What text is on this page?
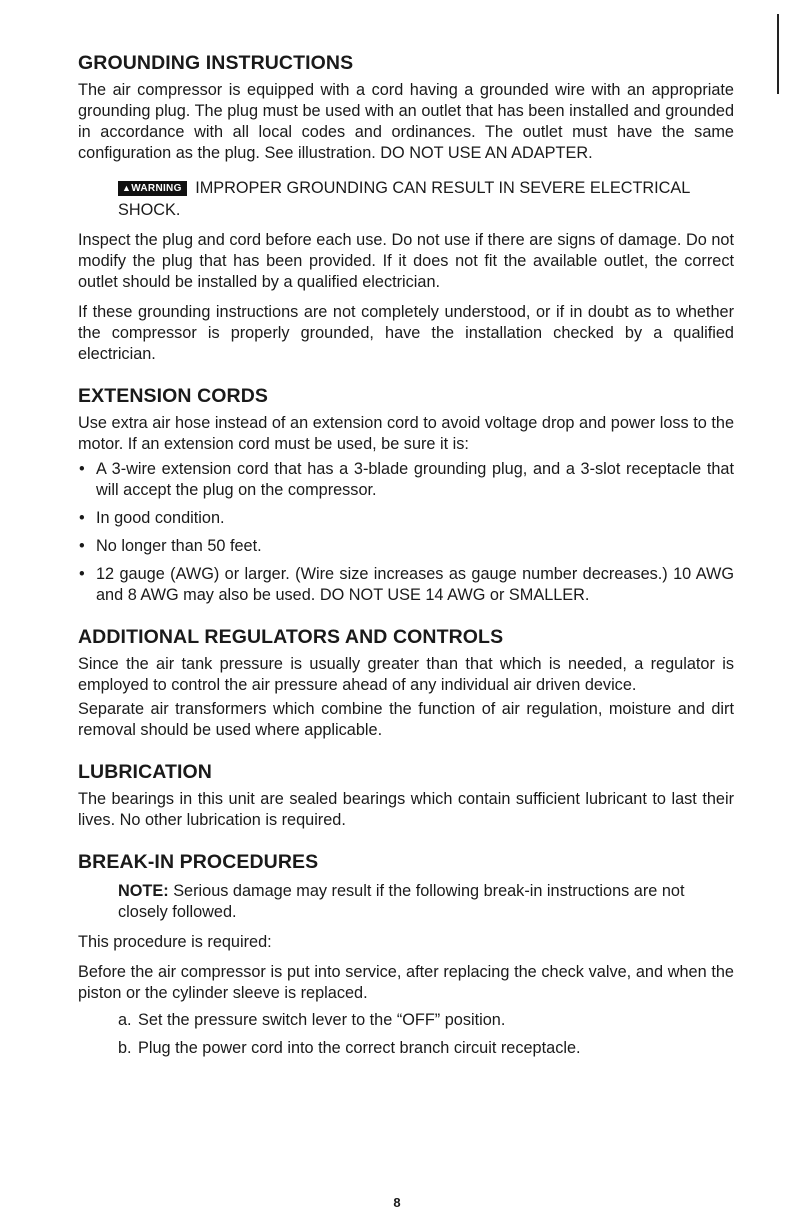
GROUNDING INSTRUCTIONS

The air compressor is equipped with a cord having a grounded wire with an appropriate grounding plug. The plug must be used with an outlet that has been installed and grounded in accordance with all local codes and ordinances. The outlet must have the same configuration as the plug. See illustration. DO NOT USE AN ADAPTER.

▲WARNING IMPROPER GROUNDING CAN RESULT IN SEVERE ELECTRICAL SHOCK.

Inspect the plug and cord before each use. Do not use if there are signs of damage. Do not modify the plug that has been provided. If it does not fit the available outlet, the correct outlet should be installed by a qualified electrician.

If these grounding instructions are not completely understood, or if in doubt as to whether the compressor is properly grounded, have the installation checked by a qualified electrician.

EXTENSION CORDS

Use extra air hose instead of an extension cord to avoid voltage drop and power loss to the motor. If an extension cord must be used, be sure it is:

• A 3-wire extension cord that has a 3-blade grounding plug, and a 3-slot receptacle that will accept the plug on the compressor.
• In good condition.
• No longer than 50 feet.
• 12 gauge (AWG) or larger. (Wire size increases as gauge number decreases.) 10 AWG and 8 AWG may also be used. DO NOT USE 14 AWG or SMALLER.
ADDITIONAL REGULATORS AND CONTROLS

Since the air tank pressure is usually greater than that which is needed, a regulator is employed to control the air pressure ahead of any individual air driven device.

Separate air transformers which combine the function of air regulation, moisture and dirt removal should be used where applicable.

LUBRICATION

The bearings in this unit are sealed bearings which contain sufficient lubricant to last their lives. No other lubrication is required.

BREAK-IN PROCEDURES
NOTE: Serious damage may result if the following break-in instructions are not closely followed.

This procedure is required:

Before the air compressor is put into service, after replacing the check valve, and when the piston or the cylinder sleeve is replaced.

a. Set the pressure switch lever to the “OFF” position.
b. Plug the power cord into the correct branch circuit receptacle.
8
